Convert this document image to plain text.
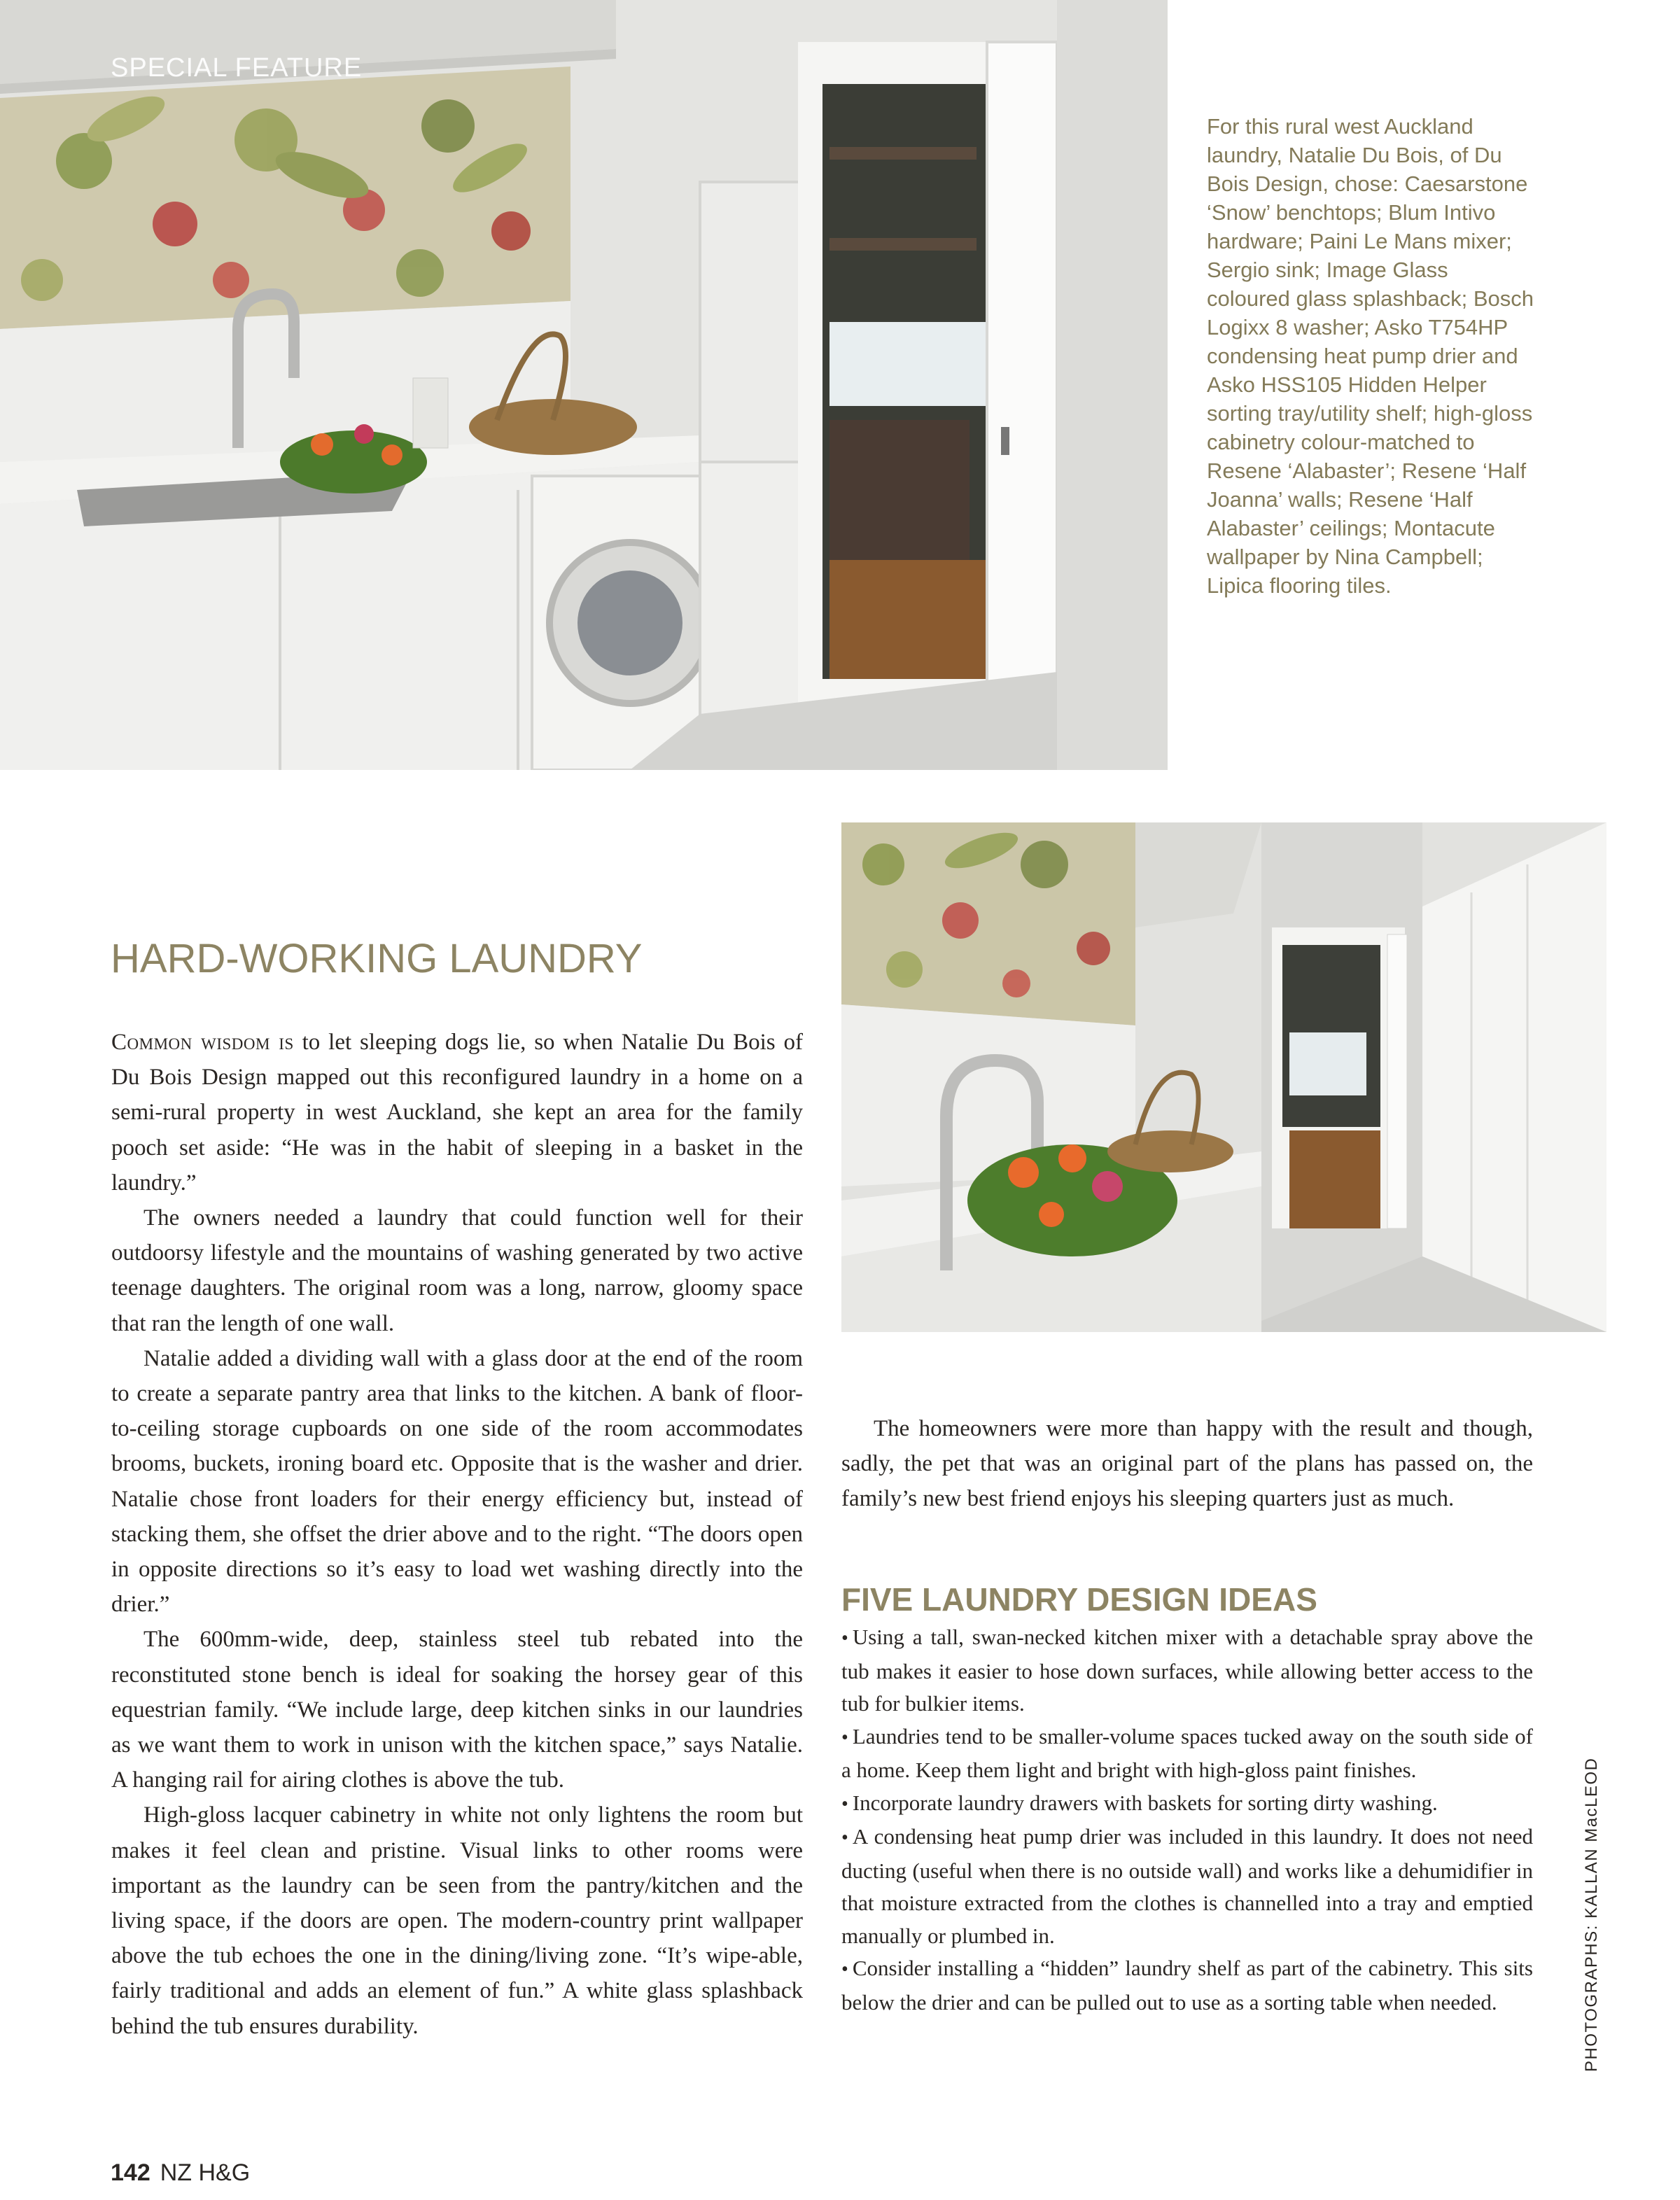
SPECIAL FEATURE
For this rural west Auckland laundry, Natalie Du Bois, of Du Bois Design, chose: Caesarstone ‘Snow’ benchtops; Blum Intivo hardware; Paini Le Mans mixer; Sergio sink; Image Glass coloured glass splashback; Bosch Logixx 8 washer; Asko T754HP condensing heat pump drier and Asko HSS105 Hidden Helper sorting tray/utility shelf; high-gloss cabinetry colour-matched to Resene ‘Alabaster’; Resene ‘Half Joanna’ walls; Resene ‘Half Alabaster’ ceilings; Montacute wallpaper by Nina Campbell; Lipica flooring tiles.
HARD-WORKING LAUNDRY

Common wisdom is to let sleeping dogs lie, so when Natalie Du Bois of Du Bois Design mapped out this reconfigured laundry in a home on a semi-rural property in west Auckland, she kept an area for the family pooch set aside: “He was in the habit of sleeping in a basket in the laundry.”

The owners needed a laundry that could function well for their outdoorsy lifestyle and the mountains of washing generated by two active teenage daughters. The original room was a long, narrow, gloomy space that ran the length of one wall.

Natalie added a dividing wall with a glass door at the end of the room to create a separate pantry area that links to the kitchen. A bank of floor-to-ceiling storage cupboards on one side of the room accommodates brooms, buckets, ironing board etc. Opposite that is the washer and drier. Natalie chose front loaders for their energy efficiency but, instead of stacking them, she offset the drier above and to the right. “The doors open in opposite directions so it’s easy to load wet washing directly into the drier.”

The 600mm-wide, deep, stainless steel tub rebated into the reconstituted stone bench is ideal for soaking the horsey gear of this equestrian family. “We include large, deep kitchen sinks in our laundries as we want them to work in unison with the kitchen space,” says Natalie. A hanging rail for airing clothes is above the tub.

High-gloss lacquer cabinetry in white not only lightens the room but makes it feel clean and pristine. Visual links to other rooms were important as the laundry can be seen from the pantry/kitchen and the living space, if the doors are open. The modern-country print wallpaper above the tub echoes the one in the dining/living zone. “It’s wipe-able, fairly traditional and adds an element of fun.” A white glass splashback behind the tub ensures durability.

The homeowners were more than happy with the result and though, sadly, the pet that was an original part of the plans has passed on, the family’s new best friend enjoys his sleeping quarters just as much.

FIVE LAUNDRY DESIGN IDEAS
• Using a tall, swan-necked kitchen mixer with a detachable spray above the tub makes it easier to hose down surfaces, while allowing better access to the tub for bulkier items.
• Laundries tend to be smaller-volume spaces tucked away on the south side of a home. Keep them light and bright with high-gloss paint finishes.
• Incorporate laundry drawers with baskets for sorting dirty washing.
• A condensing heat pump drier was included in this laundry. It does not need ducting (useful when there is no outside wall) and works like a dehumidifier in that moisture extracted from the clothes is channelled into a tray and emptied manually or plumbed in.
• Consider installing a “hidden” laundry shelf as part of the cabinetry. This sits below the drier and can be pulled out to use as a sorting table when needed.	PHOTOGRAPHS: KALLAN MacLEOD
142 NZ H&G
